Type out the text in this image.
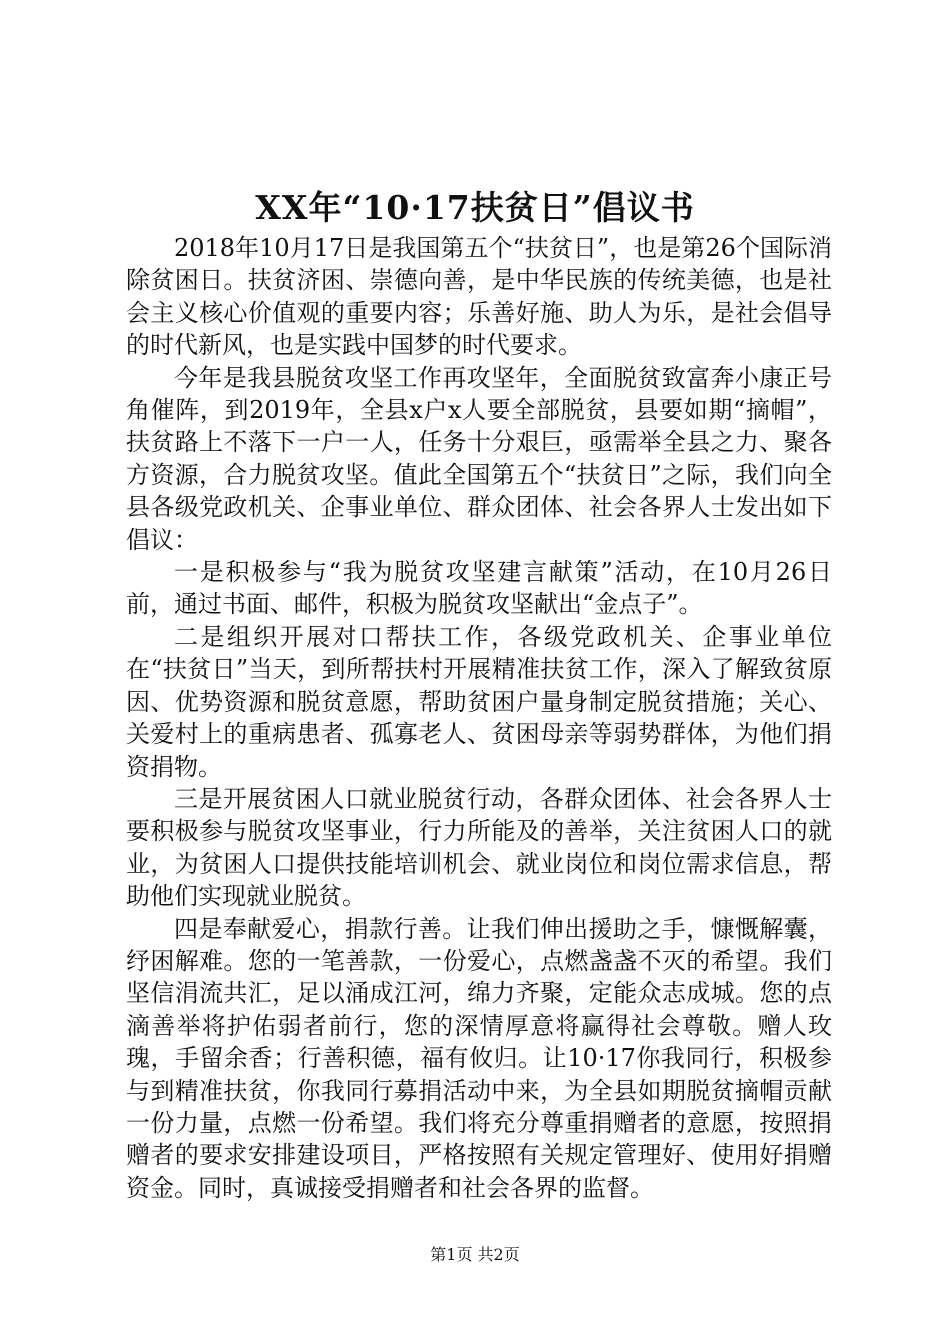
XX年“10·17扶贫日”倡议书

2018年10月17日是我国第五个“扶贫日”，也是第26个国际消除贫困日。扶贫济困、崇德向善，是中华民族的传统美德，也是社会主义核心价值观的重要内容；乐善好施、助人为乐，是社会倡导的时代新风，也是实践中国梦的时代要求。

今年是我县脱贫攻坚工作再攻坚年，全面脱贫致富奔小康正号角催阵，到2019年，全县x户x人要全部脱贫，县要如期“摘帽”，扶贫路上不落下一户一人，任务十分艰巨，亟需举全县之力、聚各方资源，合力脱贫攻坚。值此全国第五个“扶贫日”之际，我们向全县各级党政机关、企事业单位、群众团体、社会各界人士发出如下倡议：

一是积极参与“我为脱贫攻坚建言献策”活动，在10月26日前，通过书面、邮件，积极为脱贫攻坚献出“金点子”。

二是组织开展对口帮扶工作，各级党政机关、企事业单位在“扶贫日”当天，到所帮扶村开展精准扶贫工作，深入了解致贫原因、优势资源和脱贫意愿，帮助贫困户量身制定脱贫措施；关心、关爱村上的重病患者、孤寡老人、贫困母亲等弱势群体，为他们捐资捐物。

三是开展贫困人口就业脱贫行动，各群众团体、社会各界人士要积极参与脱贫攻坚事业，行力所能及的善举，关注贫困人口的就业，为贫困人口提供技能培训机会、就业岗位和岗位需求信息，帮助他们实现就业脱贫。

四是奉献爱心，捐款行善。让我们伸出援助之手，慷慨解囊，纾困解难。您的一笔善款，一份爱心，点燃盏盏不灭的希望。我们坚信涓流共汇，足以涌成江河，绵力齐聚，定能众志成城。您的点滴善举将护佑弱者前行，您的深情厚意将赢得社会尊敬。赠人玫瑰，手留余香；行善积德，福有攸归。让10·17你我同行，积极参与到精准扶贫，你我同行募捐活动中来，为全县如期脱贫摘帽贡献一份力量，点燃一份希望。我们将充分尊重捐赠者的意愿，按照捐赠者的要求安排建设项目，严格按照有关规定管理好、使用好捐赠资金。同时，真诚接受捐赠者和社会各界的监督。

第1页 共2页
